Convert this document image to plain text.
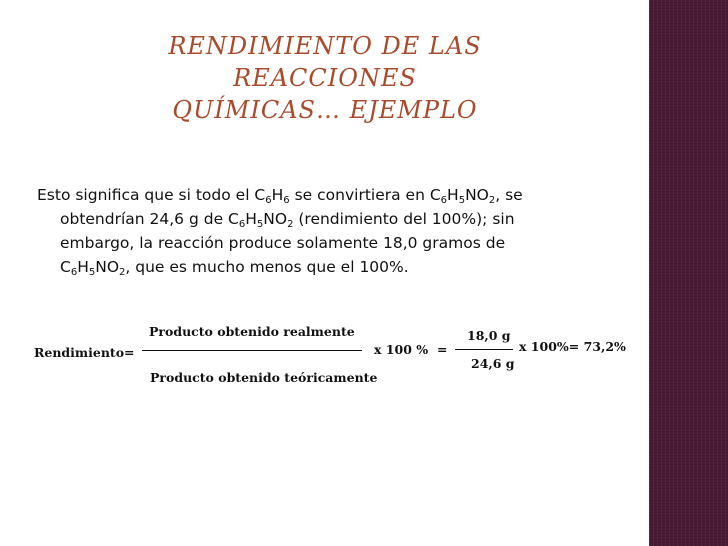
RENDIMIENTO DE LAS REACCIONES
QUÍMICAS… EJEMPLO
Esto significa que si todo el $C_6H_6$ se convirtiera en $C_6H_5NO_2$, se
obtendrían 24,6 g de $C_6H_5NO_2$ (rendimiento del 100%); sin
embargo, la reacción produce solamente 18,0 gramos de
$C_6H_5NO_2$, que es mucho menos que el 100%.
Rendimiento =
Producto obtenido realmente
Producto obtenido teóricamente
x 100 % =
18,0 g
24,6 g
x 100%= 73,2%
